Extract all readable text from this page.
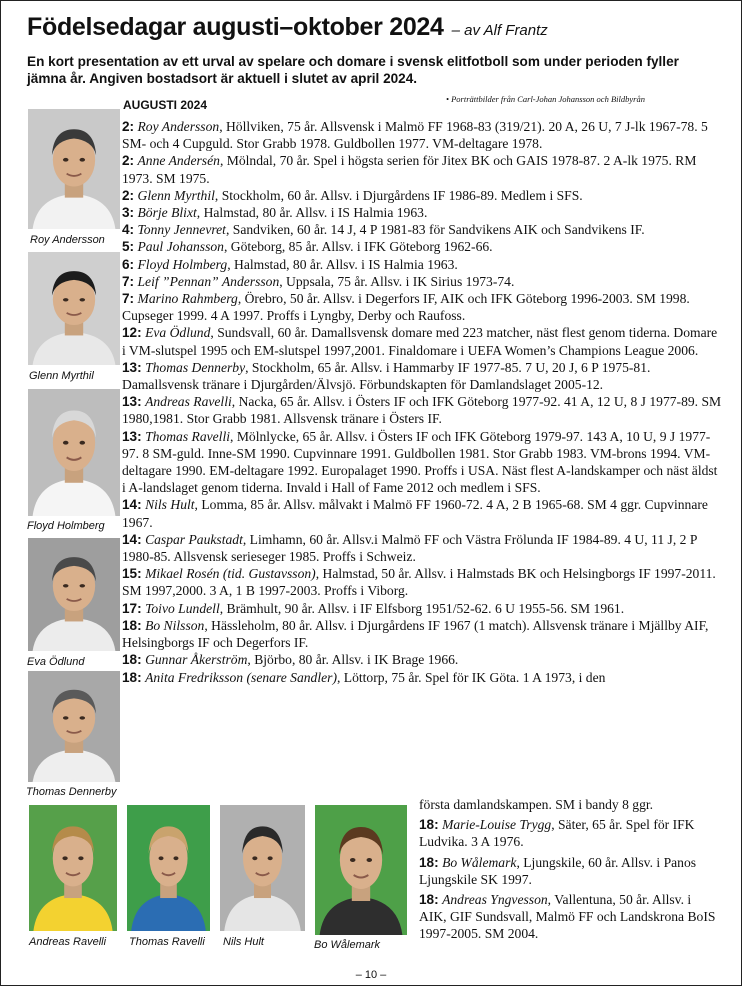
Födelsedagar augusti–oktober 2024 – av Alf Frantz
En kort presentation av ett urval av spelare och domare i svensk elitfotboll som under perioden fyller jämna år. Angiven bostadsort är aktuell i slutet av april 2024.
• Porträttbilder från Carl-Johan Johansson och Bildbyrån
AUGUSTI 2024
2: Roy Andersson, Höllviken, 75 år. Allsvensk i Malmö FF 1968-83 (319/21). 20 A, 26 U, 7 J-lk 1967-78. 5 SM- och 4 Cupguld. Stor Grabb 1978. Guldbollen 1977. VM-deltagare 1978.
2: Anne Andersén, Mölndal, 70 år. Spel i högsta serien för Jitex BK och GAIS 1978-87. 2 A-lk 1975. RM 1973. SM 1975.
2: Glenn Myrthil, Stockholm, 60 år. Allsv. i Djurgårdens IF 1986-89. Medlem i SFS.
3: Börje Blixt, Halmstad, 80 år. Allsv. i IS Halmia 1963.
4: Tonny Jennevret, Sandviken, 60 år. 14 J, 4 P 1981-83 för Sandvikens AIK och Sandvikens IF.
5: Paul Johansson, Göteborg, 85 år. Allsv. i IFK Göteborg 1962-66.
6: Floyd Holmberg, Halmstad, 80 år. Allsv. i IS Halmia 1963.
7: Leif ”Pennan” Andersson, Uppsala, 75 år. Allsv. i IK Sirius 1973-74.
7: Marino Rahmberg, Örebro, 50 år. Allsv. i Degerfors IF, AIK och IFK Göteborg 1996-2003. SM 1998. Cupseger 1999. 4 A 1997. Proffs i Lyngby, Derby och Raufoss.
12: Eva Ödlund, Sundsvall, 60 år. Damallsvensk domare med 223 matcher, näst flest genom tiderna. Domare i VM-slutspel 1995 och EM-slutspel 1997,2001. Finaldomare i UEFA Women’s Champions League 2006.
13: Thomas Dennerby, Stockholm, 65 år. Allsv. i Hammarby IF 1977-85. 7 U, 20 J, 6 P 1975-81. Damallsvensk tränare i Djurgården/Älvsjö. Förbundskapten för Damlandslaget 2005-12.
13: Andreas Ravelli, Nacka, 65 år. Allsv. i Östers IF och IFK Göteborg 1977-92. 41 A, 12 U, 8 J 1977-89. SM 1980,1981. Stor Grabb 1981. Allsvensk tränare i Östers IF.
13: Thomas Ravelli, Mölnlycke, 65 år. Allsv. i Östers IF och IFK Göteborg 1979-97. 143 A, 10 U, 9 J 1977-97. 8 SM-guld. Inne-SM 1990. Cupvinnare 1991. Guldbollen 1981. Stor Grabb 1983. VM-brons 1994. VM-deltagare 1990. EM-deltagare 1992. Europalaget 1990. Proffs i USA. Näst flest A-landskamper och näst äldst i A-landslaget genom tiderna. Invald i Hall of Fame 2012 och medlem i SFS.
14: Nils Hult, Lomma, 85 år. Allsv. målvakt i Malmö FF 1960-72. 4 A, 2 B 1965-68. SM 4 ggr. Cupvinnare 1967.
14: Caspar Paukstadt, Limhamn, 60 år. Allsv.i Malmö FF och Västra Frölunda IF 1984-89. 4 U, 11 J, 2 P 1980-85. Allsvensk serieseger 1985. Proffs i Schweiz.
15: Mikael Rosén (tid. Gustavsson), Halmstad, 50 år. Allsv. i Halmstads BK och Helsingborgs IF 1997-2011. SM 1997,2000. 3 A, 1 B 1997-2003. Proffs i Viborg.
17: Toivo Lundell, Brämhult, 90 år. Allsv. i IF Elfsborg 1951/52-62. 6 U 1955-56. SM 1961.
18: Bo Nilsson, Hässleholm, 80 år. Allsv. i Djurgårdens IF 1967 (1 match). Allsvensk tränare i Mjällby AIF, Helsingborgs IF och Degerfors IF.
18: Gunnar Åkerström, Björbo, 80 år. Allsv. i IK Brage 1966.
18: Anita Fredriksson (senare Sandler), Löttorp, 75 år. Spel för IK Göta. 1 A 1973, i den
första damlandskampen. SM i bandy 8 ggr.
18: Marie-Louise Trygg, Säter, 65 år. Spel för IFK Ludvika. 3 A 1976.
18: Bo Wålemark, Ljungskile, 60 år. Allsv. i Panos Ljungskile SK 1997.
18: Andreas Yngvesson, Vallentuna, 50 år. Allsv. i AIK, GIF Sundsvall, Malmö FF och Landskrona BoIS 1997-2005. SM 2004.
Roy Andersson
Glenn Myrthil
Floyd Holmberg
Eva Ödlund
Thomas Dennerby
Andreas Ravelli Thomas Ravelli Nils Hult	Bo Wålemark
– 10 –
